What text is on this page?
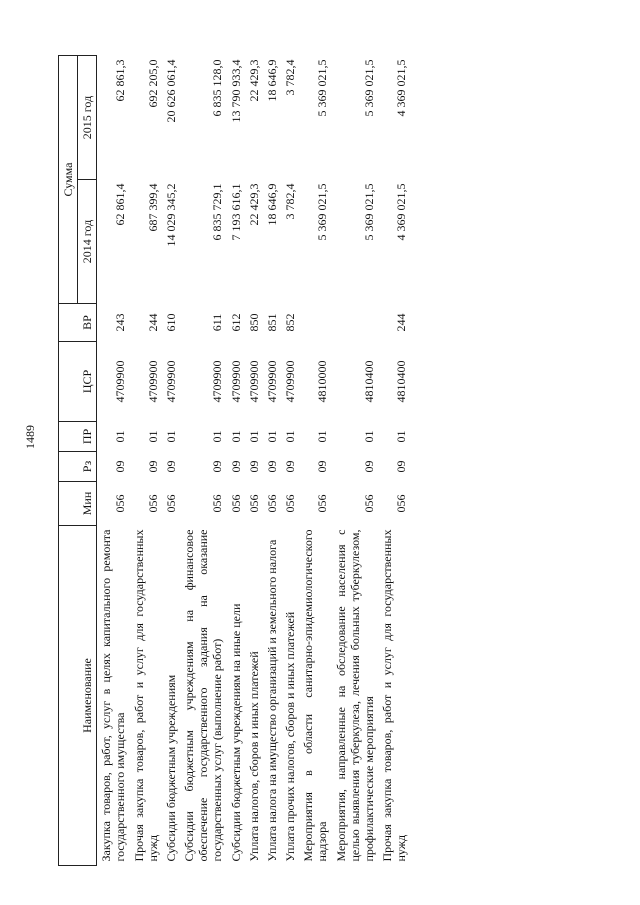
1489
Наименование	Мин	Рз	ПР	ЦСР	ВР	Сумма	
						2014 год	2015 год
Закупка товаров, работ, услуг в целях капитального ремонта государственного имущества	056	09	01	4709900	243	62 861,4	62 861,3
Прочая закупка товаров, работ и услуг для государственных нужд	056	09	01	4709900	244	687 399,4	692 205,0
Субсидии бюджетным учреждениям	056	09	01	4709900	610	14 029 345,2	20 626 061,4
Субсидии бюджетным учреждениям на финансовое обеспечение государственного задания на оказание государственных услуг (выполнение работ)	056	09	01	4709900	611	6 835 729,1	6 835 128,0
Субсидии бюджетным учреждениям на иные цели	056	09	01	4709900	612	7 193 616,1	13 790 933,4
Уплата налогов, сборов и иных платежей	056	09	01	4709900	850	22 429,3	22 429,3
Уплата налога на имущество организаций и земельного налога	056	09	01	4709900	851	18 646,9	18 646,9
Уплата прочих налогов, сборов и иных платежей	056	09	01	4709900	852	3 782,4	3 782,4
Мероприятия в области санитарно-эпидемиологического надзора	056	09	01	4810000		5 369 021,5	5 369 021,5
Мероприятия, направленные на обследование населения с целью выявления туберкулеза, лечения больных туберкулезом, профилактические мероприятия	056	09	01	4810400		5 369 021,5	5 369 021,5
Прочая закупка товаров, работ и услуг для государственных нужд	056	09	01	4810400	244	4 369 021,5	4 369 021,5
